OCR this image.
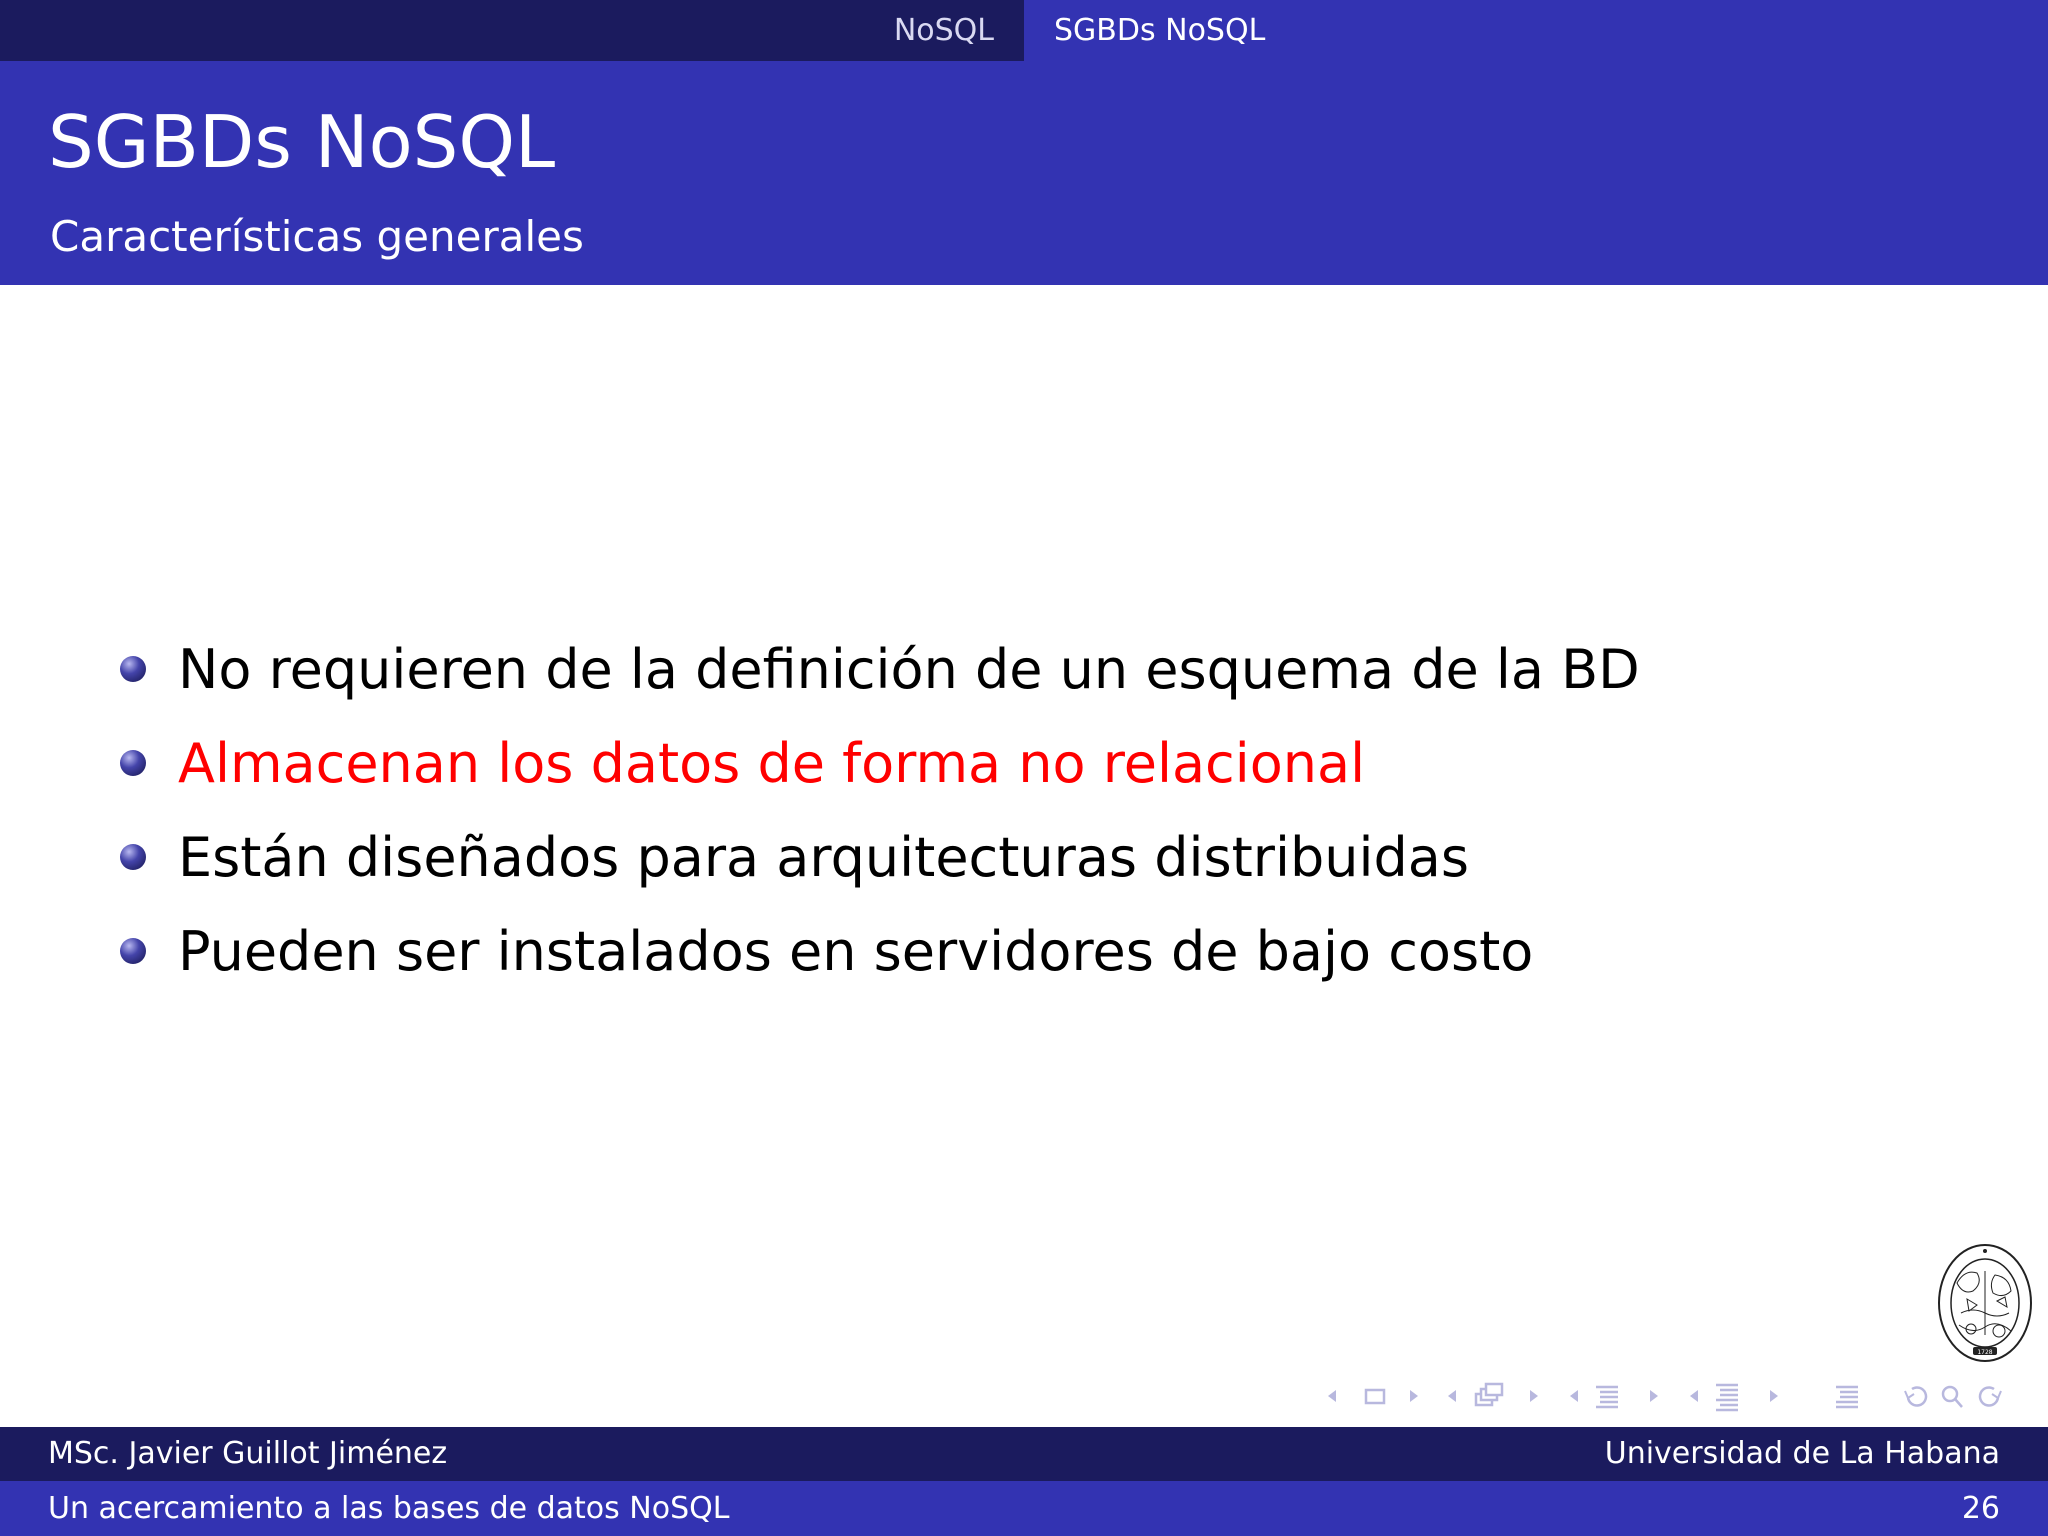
NoSQL	SGBDs NoSQL
SGBDs NoSQL
Características generales
No requieren de la definición de un esquema de la BD
Almacenan los datos de forma no relacional
Están diseñados para arquitecturas distribuidas
Pueden ser instalados en servidores de bajo costo
1728
MSc. Javier Guillot Jiménez	Universidad de La Habana
Un acercamiento a las bases de datos NoSQL	26
